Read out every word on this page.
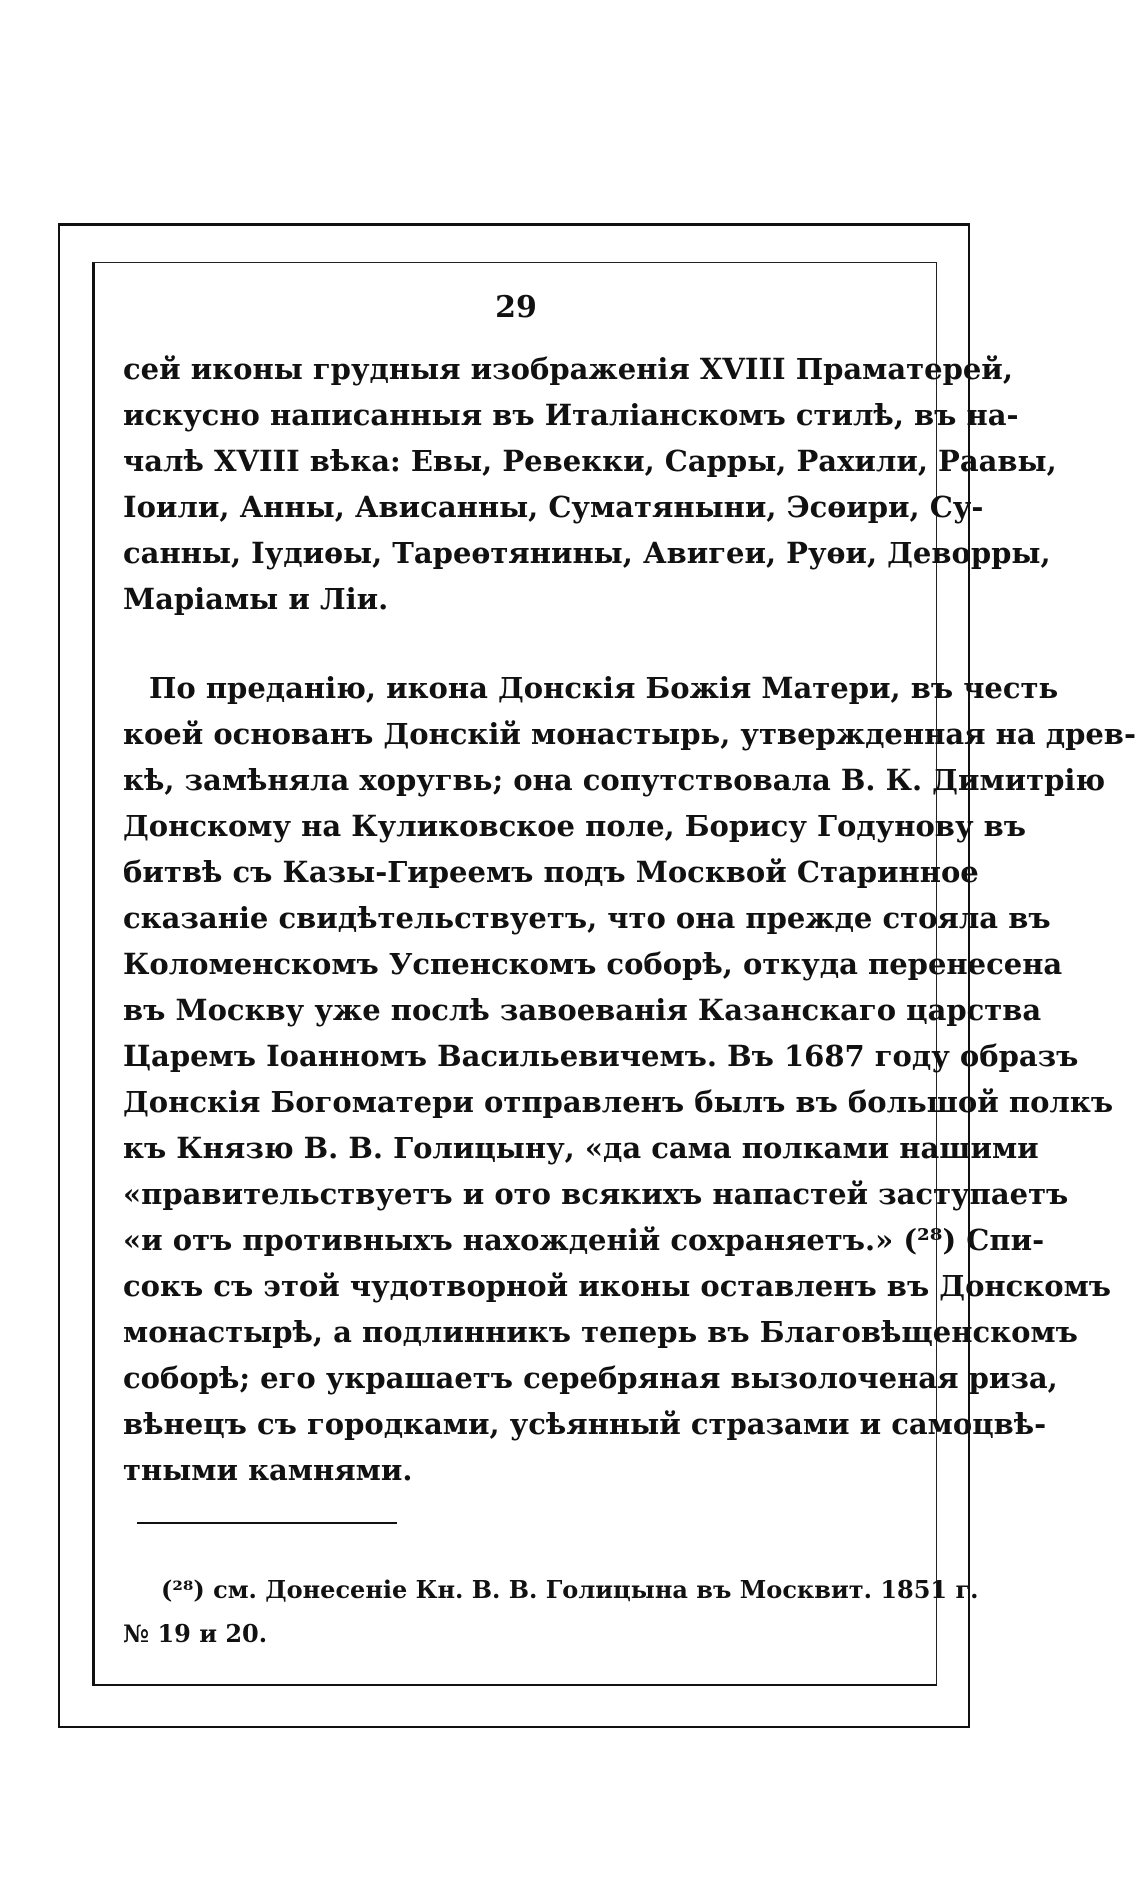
29
сей иконы грудныя изображенія XVIII Праматерей,
искусно написанныя въ Италіанскомъ стилѣ, въ на-
чалѣ XVIII вѣка: Евы, Ревекки, Сарры, Рахили, Раавы,
Іоили, Анны, Ависанны, Суматяныни, Эсѳири, Су-
санны, Іудиѳы, Тареѳтянины, Авигеи, Руѳи, Деворры,
Маріамы и Ліи.
По преданію, икона Донскія Божія Матери, въ честь
коей основанъ Донскій монастырь, утвержденная на древ-
кѣ, замѣняла хоругвь; она сопутствовала В. К. Димитрію
Донскому на Куликовское поле, Борису Годунову въ
битвѣ съ Казы-Гиреемъ подъ Москвой Старинное
сказаніе свидѣтельствуетъ, что она прежде стояла въ
Коломенскомъ Успенскомъ соборѣ, откуда перенесена
въ Москву уже послѣ завоеванія Казанскаго царства
Царемъ Іоанномъ Васильевичемъ. Въ 1687 году образъ
Донскія Богоматери отправленъ былъ въ большой полкъ
къ Князю В. В. Голицыну, «да сама полками нашими
«правительствуетъ и ото всякихъ напастей заступаетъ
«и отъ противныхъ нахожденій сохраняетъ.» (²⁸) Спи-
сокъ съ этой чудотворной иконы оставленъ въ Донскомъ
монастырѣ, а подлинникъ теперь въ Благовѣщенскомъ
соборѣ; его украшаетъ серебряная вызолоченая риза,
вѣнецъ съ городками, усѣянный стразами и самоцвѣ-
тными камнями.
(²⁸) см. Донесеніе Кн. В. В. Голицына въ Москвит. 1851 г.
№ 19 и 20.
